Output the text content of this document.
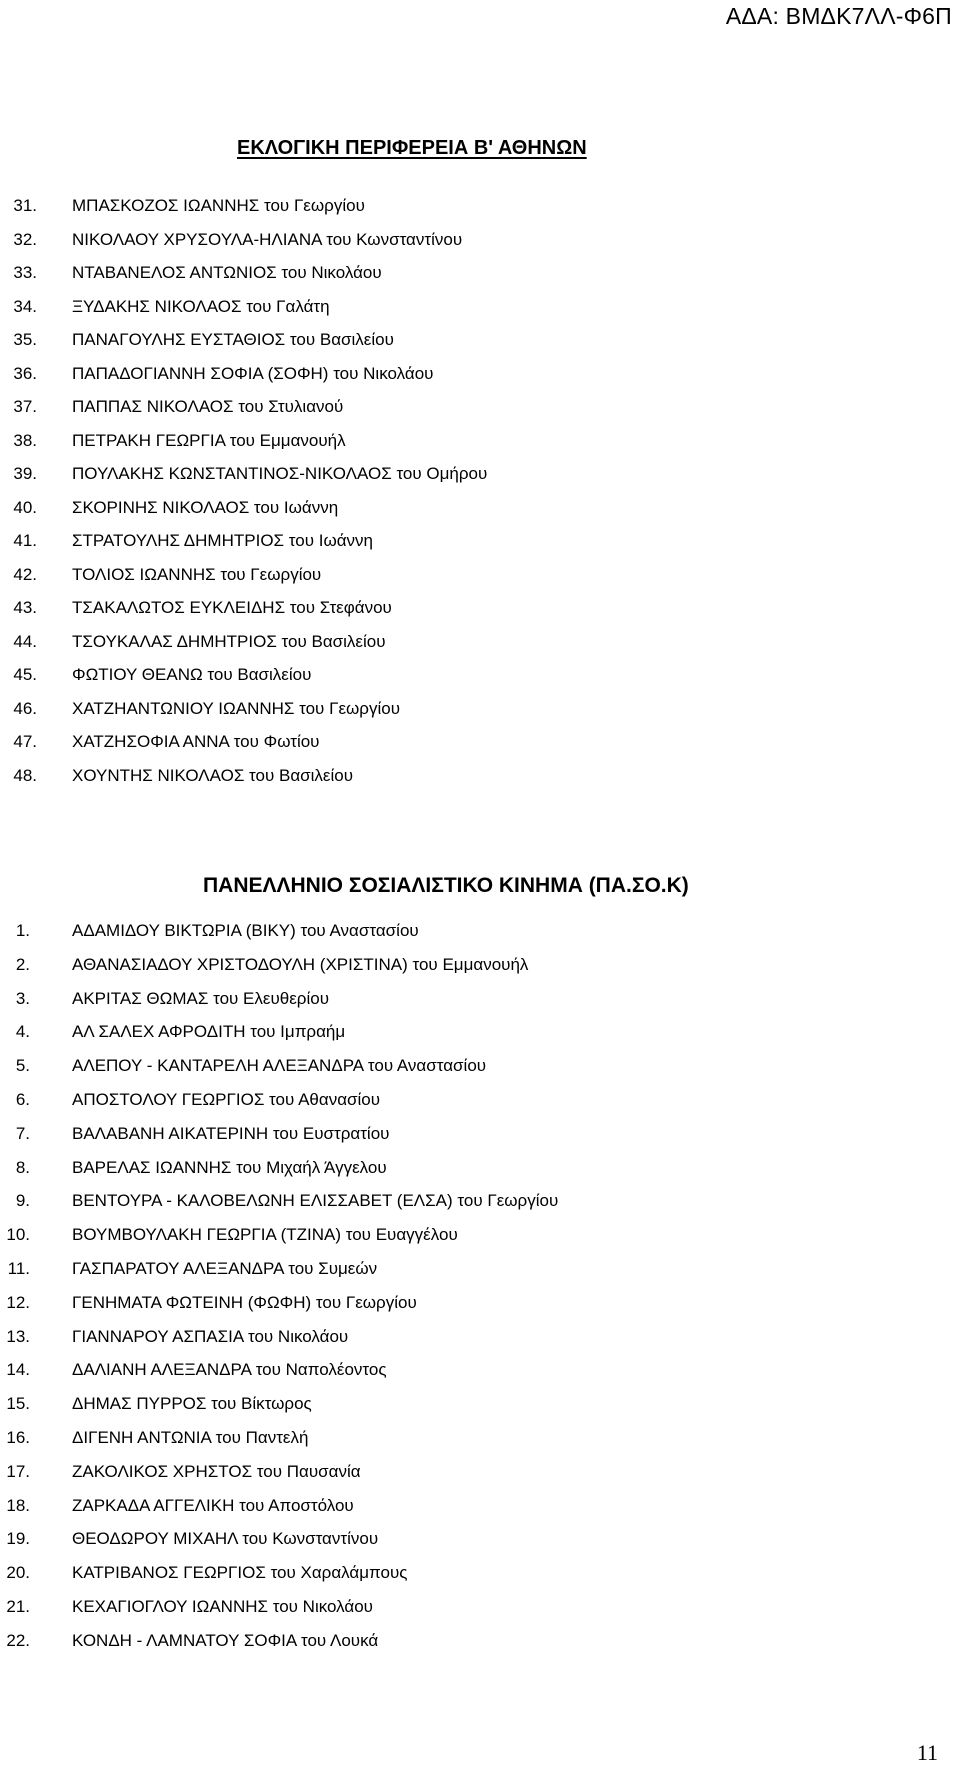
ΑΔΑ: ΒΜΔΚ7ΛΛ-Φ6Π
ΕΚΛΟΓΙΚΗ ΠΕΡΙΦΕΡΕΙΑ Β' ΑΘΗΝΩΝ
31. ΜΠΑΣΚΟΖΟΣ ΙΩΑΝΝΗΣ του Γεωργίου
32. ΝΙΚΟΛΑΟΥ ΧΡΥΣΟΥΛΑ-ΗΛΙΑΝΑ του Κωνσταντίνου
33. ΝΤΑΒΑΝΕΛΟΣ ΑΝΤΩΝΙΟΣ του Νικολάου
34. ΞΥΔΑΚΗΣ ΝΙΚΟΛΑΟΣ του Γαλάτη
35. ΠΑΝΑΓΟΥΛΗΣ ΕΥΣΤΑΘΙΟΣ του Βασιλείου
36. ΠΑΠΑΔΟΓΙΑΝΝΗ ΣΟΦΙΑ (ΣΟΦΗ) του Νικολάου
37. ΠΑΠΠΑΣ ΝΙΚΟΛΑΟΣ του Στυλιανού
38. ΠΕΤΡΑΚΗ ΓΕΩΡΓΙΑ του Εμμανουήλ
39. ΠΟΥΛΑΚΗΣ ΚΩΝΣΤΑΝΤΙΝΟΣ-ΝΙΚΟΛΑΟΣ του Ομήρου
40. ΣΚΟΡΙΝΗΣ ΝΙΚΟΛΑΟΣ του Ιωάννη
41. ΣΤΡΑΤΟΥΛΗΣ ΔΗΜΗΤΡΙΟΣ του Ιωάννη
42. ΤΟΛΙΟΣ ΙΩΑΝΝΗΣ του Γεωργίου
43. ΤΣΑΚΑΛΩΤΟΣ ΕΥΚΛΕΙΔΗΣ του Στεφάνου
44. ΤΣΟΥΚΑΛΑΣ ΔΗΜΗΤΡΙΟΣ του Βασιλείου
45. ΦΩΤΙΟΥ ΘΕΑΝΩ του Βασιλείου
46. ΧΑΤΖΗΑΝΤΩΝΙΟΥ ΙΩΑΝΝΗΣ του Γεωργίου
47. ΧΑΤΖΗΣΟΦΙΑ ΑΝΝΑ του Φωτίου
48. ΧΟΥΝΤΗΣ ΝΙΚΟΛΑΟΣ του Βασιλείου
ΠΑΝΕΛΛΗΝΙΟ ΣΟΣΙΑΛΙΣΤΙΚΟ ΚΙΝΗΜΑ (ΠΑ.ΣΟ.Κ)
1. ΑΔΑΜΙΔΟΥ ΒΙΚΤΩΡΙΑ (ΒΙΚΥ) του Αναστασίου
2. ΑΘΑΝΑΣΙΑΔΟΥ ΧΡΙΣΤΟΔΟΥΛΗ (ΧΡΙΣΤΙΝΑ) του Εμμανουήλ
3. ΑΚΡΙΤΑΣ ΘΩΜΑΣ του Ελευθερίου
4. ΑΛ ΣΑΛΕΧ ΑΦΡΟΔΙΤΗ του Ιμπραήμ
5. ΑΛΕΠΟΥ - ΚΑΝΤΑΡΕΛΗ ΑΛΕΞΑΝΔΡΑ του Αναστασίου
6. ΑΠΟΣΤΟΛΟΥ ΓΕΩΡΓΙΟΣ του Αθανασίου
7. ΒΑΛΑΒΑΝΗ ΑΙΚΑΤΕΡΙΝΗ του Ευστρατίου
8. ΒΑΡΕΛΑΣ ΙΩΑΝΝΗΣ του Μιχαήλ Άγγελου
9. ΒΕΝΤΟΥΡΑ - ΚΑΛΟΒΕΛΩΝΗ ΕΛΙΣΣΑΒΕΤ (ΕΛΣΑ) του Γεωργίου
10. ΒΟΥΜΒΟΥΛΑΚΗ ΓΕΩΡΓΙΑ (ΤΖΙΝΑ) του Ευαγγέλου
11. ΓΑΣΠΑΡΑΤΟΥ ΑΛΕΞΑΝΔΡΑ του Συμεών
12. ΓΕΝΗΜΑΤΑ ΦΩΤΕΙΝΗ (ΦΩΦΗ) του Γεωργίου
13. ΓΙΑΝΝΑΡΟΥ ΑΣΠΑΣΙΑ του Νικολάου
14. ΔΑΛΙΑΝΗ ΑΛΕΞΑΝΔΡΑ του Ναπολέοντος
15. ΔΗΜΑΣ ΠΥΡΡΟΣ του Βίκτωρος
16. ΔΙΓΕΝΗ ΑΝΤΩΝΙΑ του Παντελή
17. ΖΑΚΟΛΙΚΟΣ ΧΡΗΣΤΟΣ του Παυσανία
18. ΖΑΡΚΑΔΑ ΑΓΓΕΛΙΚΗ του Αποστόλου
19. ΘΕΟΔΩΡΟΥ ΜΙΧΑΗΛ του Κωνσταντίνου
20. ΚΑΤΡΙΒΑΝΟΣ ΓΕΩΡΓΙΟΣ του Χαραλάμπους
21. ΚΕΧΑΓΙΟΓΛΟΥ ΙΩΑΝΝΗΣ του Νικολάου
22. ΚΟΝΔΗ - ΛΑΜΝΑΤΟΥ ΣΟΦΙΑ του Λουκά
11
